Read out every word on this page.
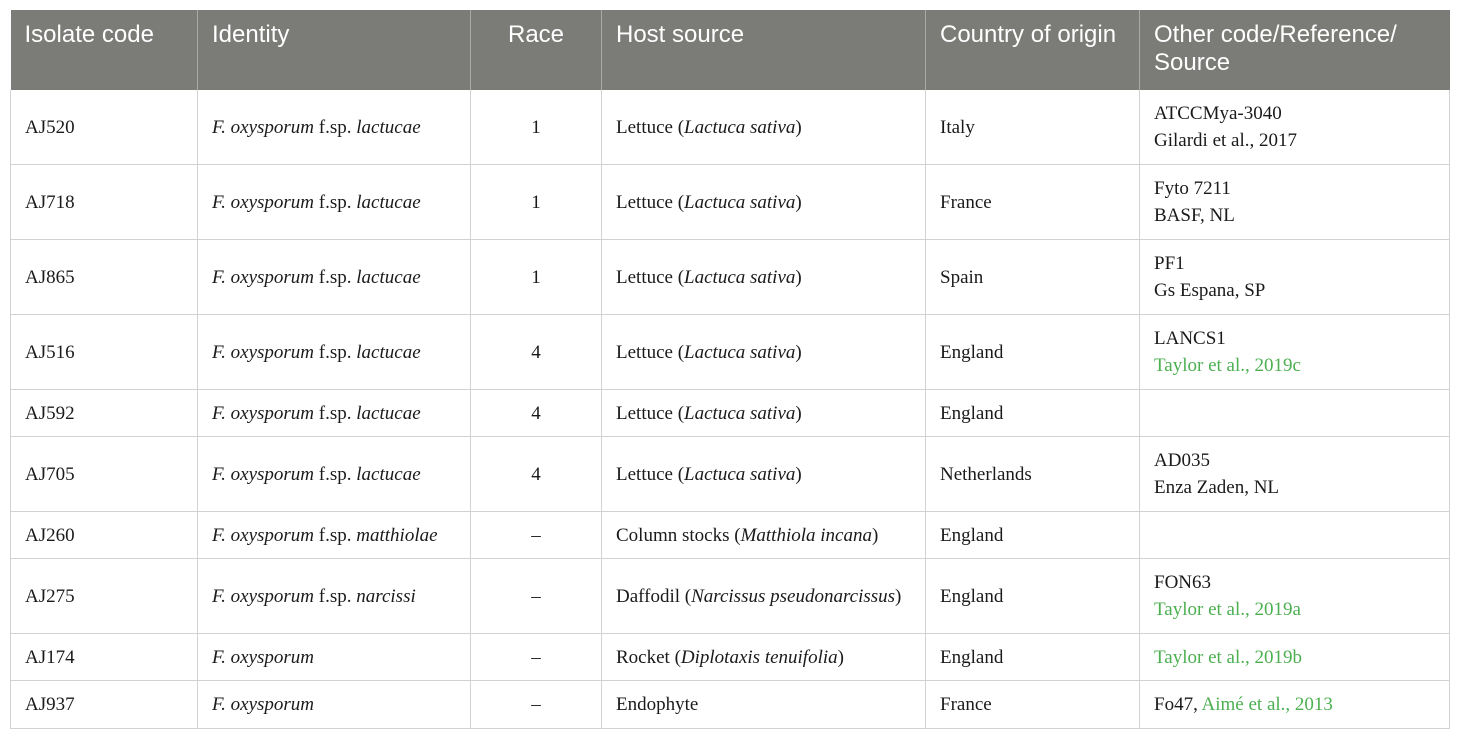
Isolate code	Identity	Race	Host source	Country of origin	Other code/Reference/ Source
AJ520	F. oxysporum f.sp. lactucae	1	Lettuce (Lactuca sativa)	Italy	ATCCMya-3040
Gilardi et al., 2017

AJ718	F. oxysporum f.sp. lactucae	1	Lettuce (Lactuca sativa)	France	Fyto 7211
BASF, NL

AJ865	F. oxysporum f.sp. lactucae	1	Lettuce (Lactuca sativa)	Spain	PF1
Gs Espana, SP

AJ516	F. oxysporum f.sp. lactucae	4	Lettuce (Lactuca sativa)	England	LANCS1
Taylor et al., 2019c

AJ592	F. oxysporum f.sp. lactucae	4	Lettuce (Lactuca sativa)	England	
AJ705	F. oxysporum f.sp. lactucae	4	Lettuce (Lactuca sativa)	Netherlands	AD035
Enza Zaden, NL

AJ260	F. oxysporum f.sp. matthiolae	–	Column stocks (Matthiola incana)	England	
AJ275	F. oxysporum f.sp. narcissi	–	Daffodil (Narcissus pseudonarcissus)	England	FON63
Taylor et al., 2019a

AJ174	F. oxysporum	–	Rocket (Diplotaxis tenuifolia)	England	Taylor et al., 2019b
AJ937	F. oxysporum	–	Endophyte	France	Fo47, Aimé et al., 2013
